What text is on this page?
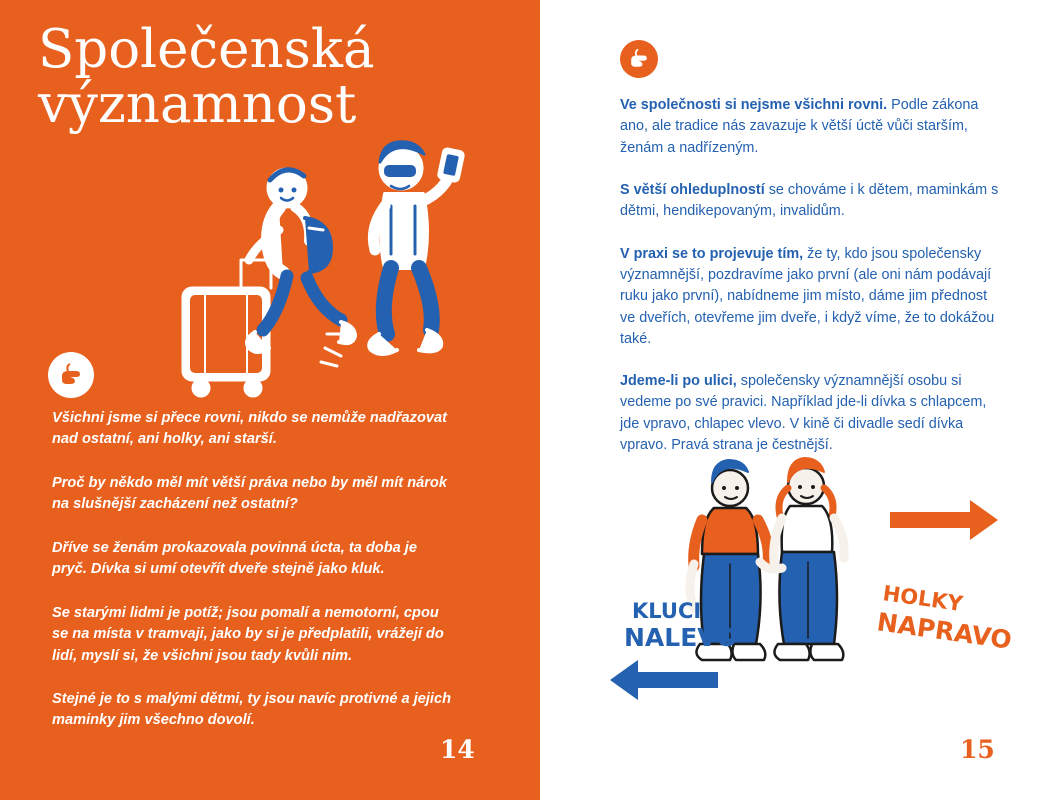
Společenská
významnost

Všichni jsme si přece rovni, nikdo se nemůže nadřazovat nad ostatní, ani holky, ani starší.

Proč by někdo měl mít větší práva nebo by měl mít nárok na slušnější zacházení než ostatní?

Dříve se ženám prokazovala povinná úcta, ta doba je pryč. Dívka si umí otevřít dveře stejně jako kluk.

Se starými lidmi je potíž; jsou pomalí a nemotorní, cpou se na místa v tramvaji, jako by si je předplatili, vrážejí do lidí, myslí si, že všichni jsou tady kvůli nim.

Stejné je to s malými dětmi, ty jsou navíc protivné a jejich maminky jim všechno dovolí.

14

Ve společnosti si nejsme všichni rovni. Podle zákona ano, ale tradice nás zavazuje k větší úctě vůči starším, ženám a nadřízeným.

S větší ohleduplností se chováme i k dětem, maminkám s dětmi, hendikepovaným, invalidům.

V praxi se to projevuje tím, že ty, kdo jsou společensky významnější, pozdravíme jako první (ale oni nám podávají ruku jako první), nabídneme jim místo, dáme jim přednost ve dveřích, otevřeme jim dveře, i když víme, že to dokážou také.

Jdeme-li po ulici, společensky významnější osobu si vedeme po své pravici. Například jde-li dívka s chlapcem, jde vpravo, chlapec vlevo. V kině či divadle sedí dívka vpravo. Pravá strana je čestnější.

KLUCI
NALEVO
HOLKY
NAPRAVO
15
